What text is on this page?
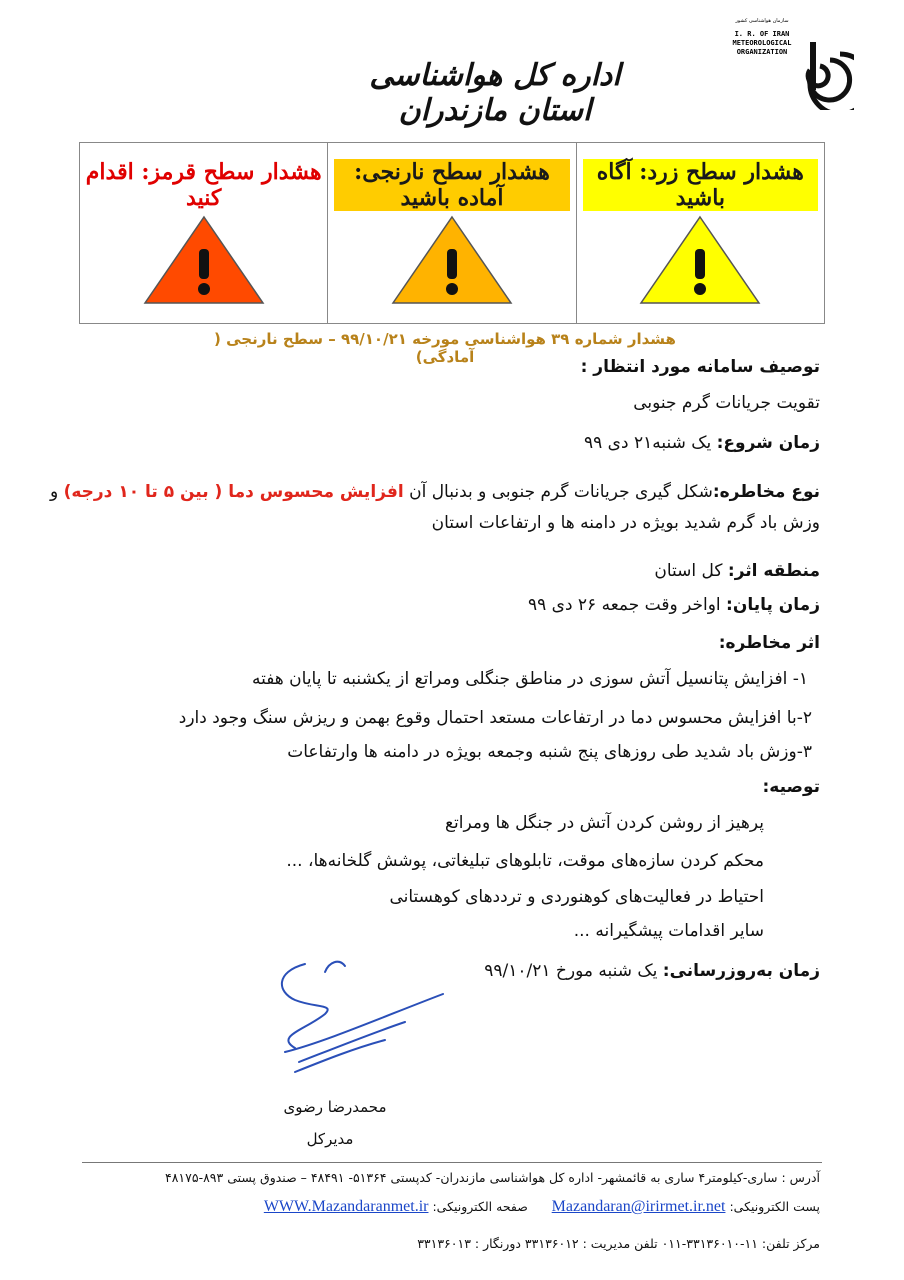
سازمان هواشناسی کشور
I. R. OF IRAN
METEOROLOGICAL
ORGANIZATION
اداره کل هواشناسی استان مازندران
هشدار سطح زرد: آگاه باشید
هشدار سطح نارنجی: آماده باشید
هشدار سطح قرمز: اقدام کنید
هشدار شماره ۳۹ هواشناسی مورخه ۹۹/۱۰/۲۱ – سطح نارنجی ( آمادگی)	توصیف سامانه مورد انتظار :
تقویت جریانات گرم جنوبی
زمان شروع: یک شنبه۲۱ دی ۹۹
نوع مخاطره:شکل گیری جریانات گرم جنوبی و بدنبال آن افزایش محسوس دما ( بین ۵ تا ۱۰ درجه) و
وزش باد گرم شدید بویژه در دامنه ها و ارتفاعات استان
منطقه اثر: کل استان
زمان پایان: اواخر وقت جمعه ۲۶ دی ۹۹
اثر مخاطره:
۱- افزایش پتانسیل آتش سوزی در مناطق جنگلی ومراتع از یکشنبه تا پایان هفته
۲-با افزایش محسوس دما در ارتفاعات مستعد احتمال وقوع بهمن و ریزش سنگ وجود دارد
۳-وزش باد شدید طی روزهای پنج شنبه وجمعه بویژه در دامنه ها وارتفاعات
توصیه:
پرهیز از روشن کردن آتش در جنگل ها ومراتع
محکم کردن سازه‌های موقت، تابلوهای تبلیغاتی، پوشش گلخانه‌ها، ...
احتیاط در فعالیت‌های کوهنوردی و ترددهای کوهستانی
سایر اقدامات پیشگیرانه ...
زمان به‌روزرسانی: یک شنبه مورخ ۹۹/۱۰/۲۱
محمدرضا رضوی
مدیرکل
آدرس : ساری-کیلومتر۴ ساری به قائمشهر- اداره کل هواشناسی مازندران- کدپستی ۵۱۳۶۴- ۴۸۴۹۱ – صندوق پستی ۸۹۳-۴۸۱۷۵
پست الکترونیکی: Mazandaran@irirmet.ir.net      صفحه الکترونیکی: WWW.Mazandaranmet.ir
مرکز تلفن: ۱۱-۳۳۱۳۶۰۱۰-۰۱۱ تلفن مدیریت : ۳۳۱۳۶۰۱۲ دورنگار : ۳۳۱۳۶۰۱۳
